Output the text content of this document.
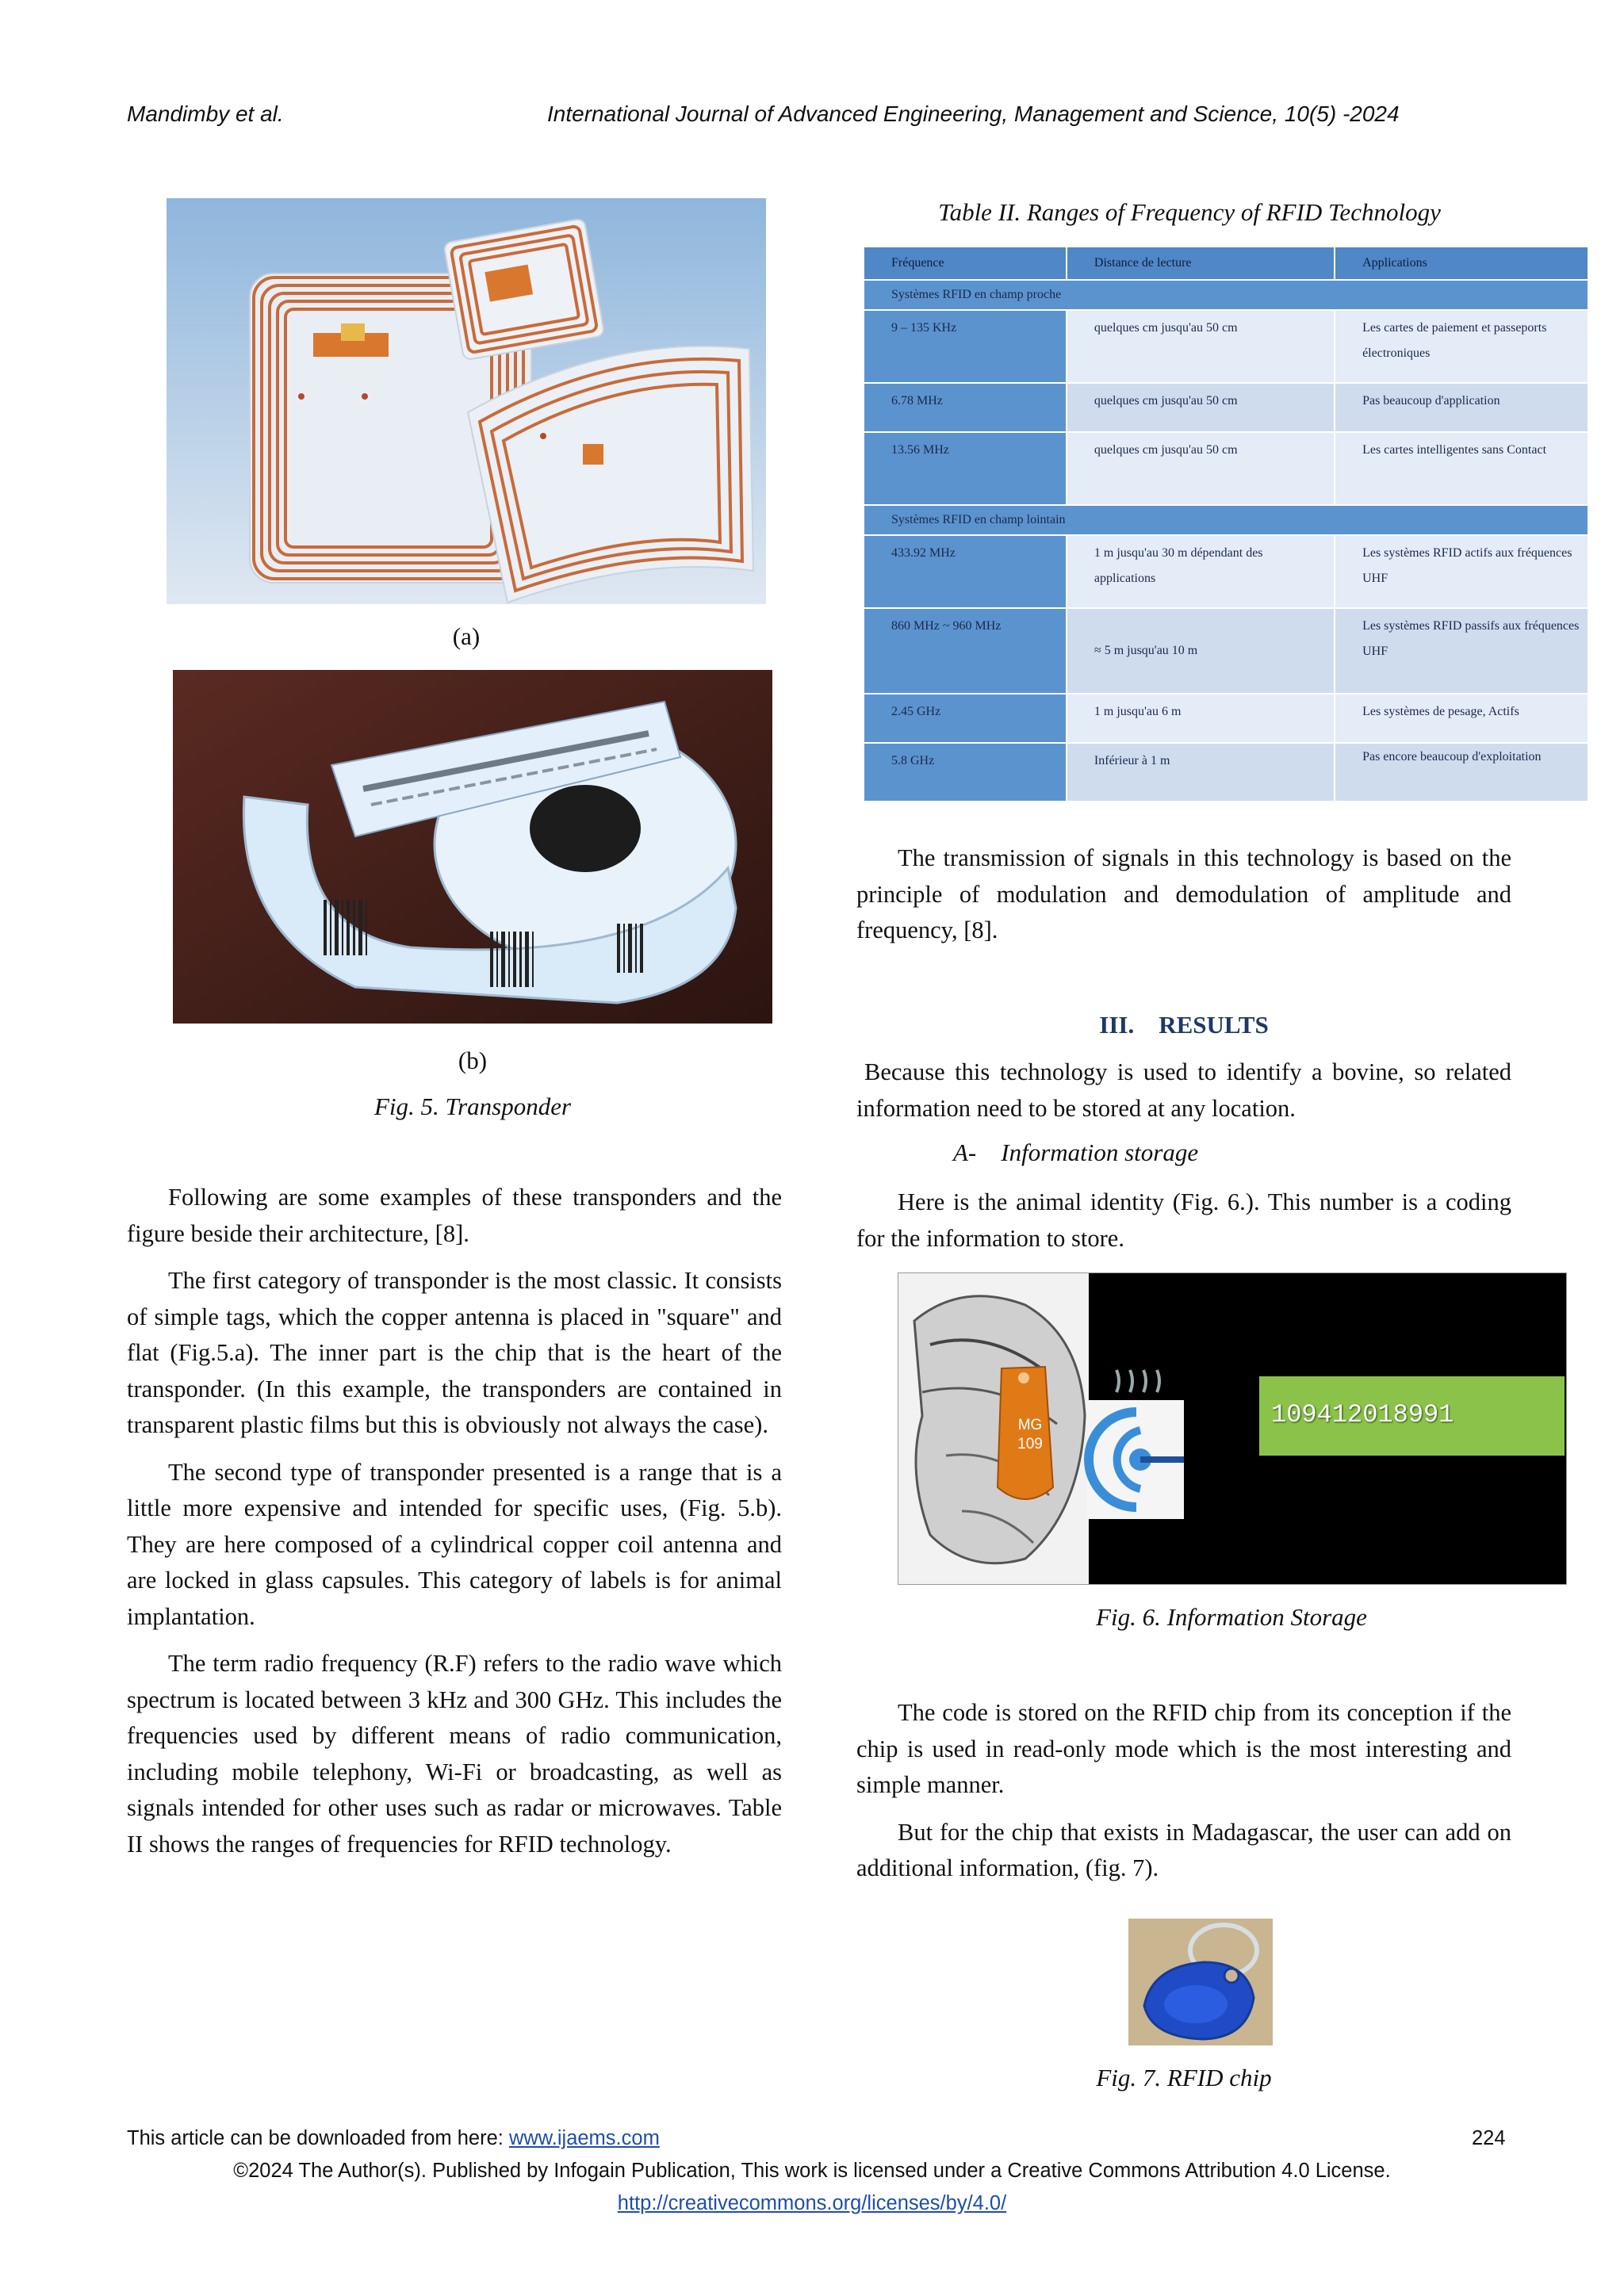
Mandimby et al.	International Journal of Advanced Engineering, Management and Science, 10(5) -2024
(a)
(b)
Fig. 5. Transponder

Following are some examples of these transponders and the figure beside their architecture, [8].

The first category of transponder is the most classic. It consists of simple tags, which the copper antenna is placed in "square" and flat (Fig.5.a). The inner part is the chip that is the heart of the transponder. (In this example, the transponders are contained in transparent plastic films but this is obviously not always the case).

The second type of transponder presented is a range that is a little more expensive and intended for specific uses, (Fig. 5.b). They are here composed of a cylindrical copper coil antenna and are locked in glass capsules. This category of labels is for animal implantation.

The term radio frequency (R.F) refers to the radio wave which spectrum is located between 3 kHz and 300 GHz. This includes the frequencies used by different means of radio communication, including mobile telephony, Wi-Fi or broadcasting, as well as signals intended for other uses such as radar or microwaves. Table II shows the ranges of frequencies for RFID technology.

Table II. Ranges of Frequency of RFID Technology
Fréquence	Distance de lecture	Applications
Systèmes RFID en champ proche		
9 – 135 KHz	quelques cm jusqu'au 50 cm	Les cartes de paiement et passeports électroniques
6.78 MHz	quelques cm jusqu'au 50 cm	Pas beaucoup d'application
13.56 MHz	quelques cm jusqu'au 50 cm	Les cartes intelligentes sans Contact
Systèmes RFID en champ lointain		
433.92 MHz	1 m jusqu'au 30 m dépendant des applications	Les systèmes RFID actifs aux fréquences UHF
860 MHz ~ 960 MHz	≈ 5 m jusqu'au 10 m	Les systèmes RFID passifs aux fréquences UHF
2.45 GHz	1 m jusqu'au 6 m	Les systèmes de pesage, Actifs
5.8 GHz	Inférieur à 1 m	Pas encore beaucoup d'exploitation

The transmission of signals in this technology is based on the principle of modulation and demodulation of amplitude and frequency, [8].

III.    RESULTS

Because this technology is used to identify a bovine, so related information need to be stored at any location.

A-    Information storage

Here is the animal identity (Fig. 6.). This number is a coding for the information to store.

MG
109
109412018991
Fig. 6. Information Storage

The code is stored on the RFID chip from its conception if the chip is used in read-only mode which is the most interesting and simple manner.

But for the chip that exists in Madagascar, the user can add on additional information, (fig. 7).

Fig. 7. RFID chip
This article can be downloaded from here: www.ijaems.com	224
©2024 The Author(s). Published by Infogain Publication, This work is licensed under a Creative Commons Attribution 4.0 License.
http://creativecommons.org/licenses/by/4.0/
